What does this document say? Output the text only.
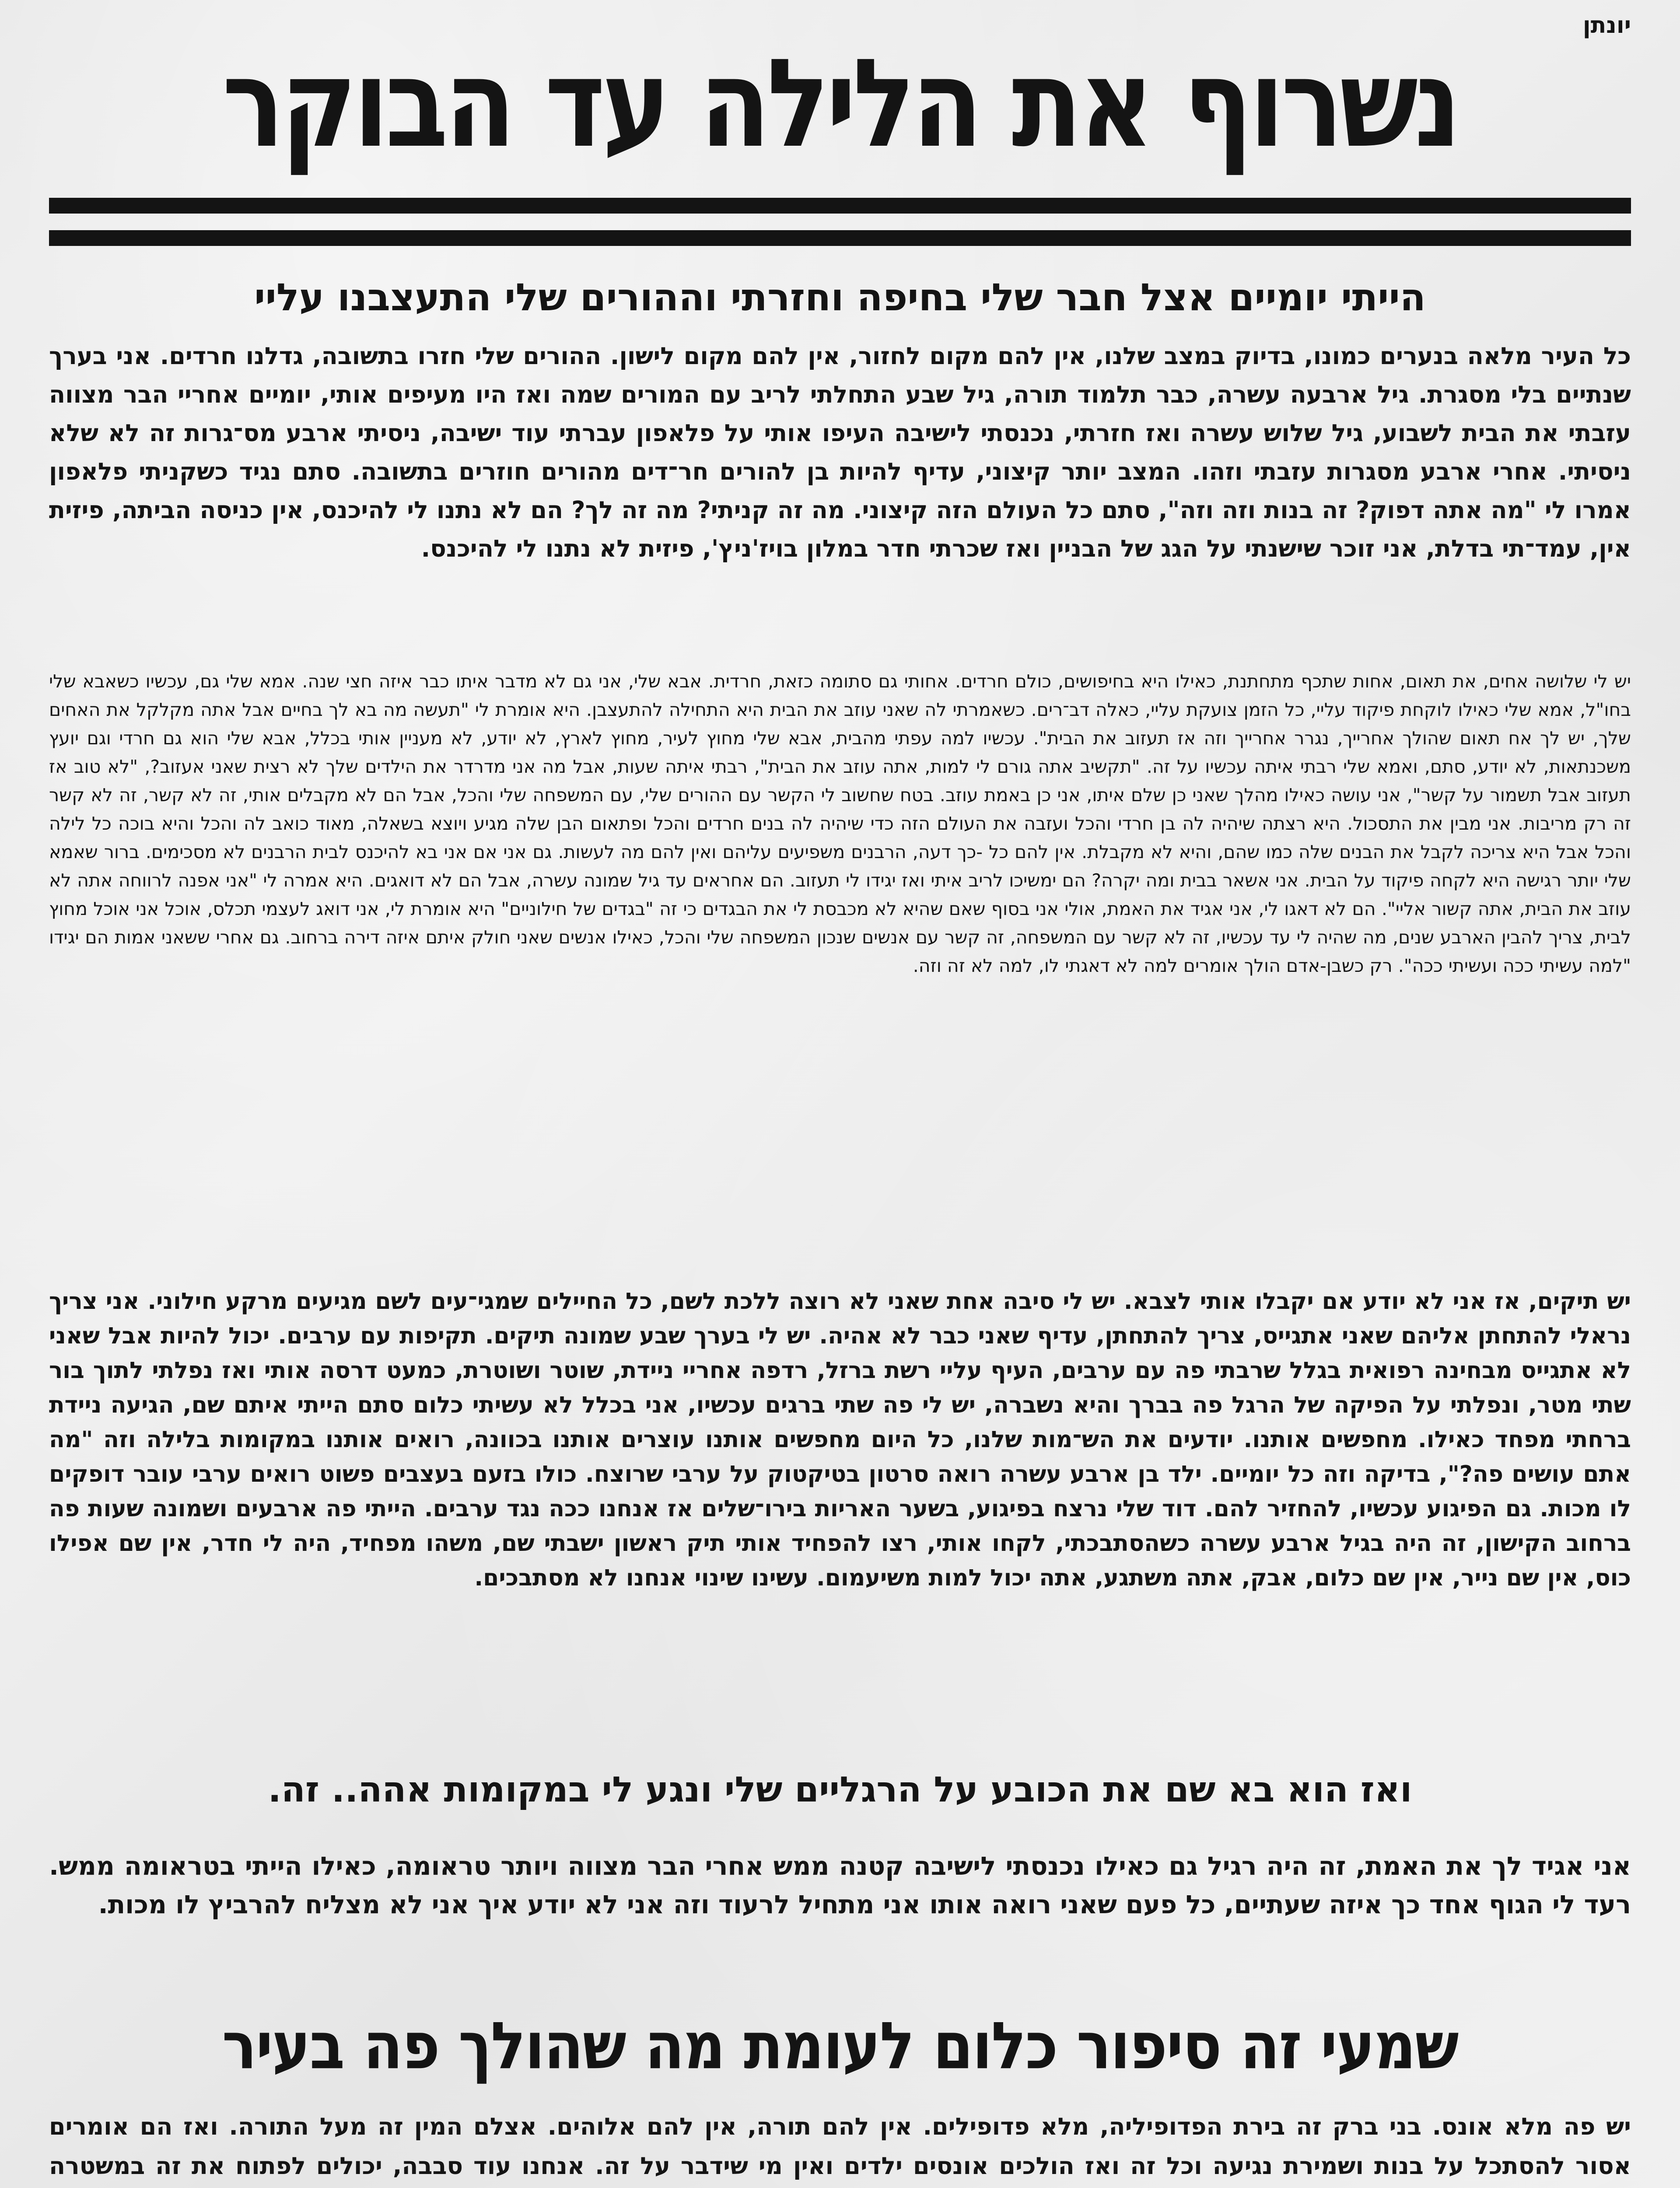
יונתן

נשרוף את הלילה עד הבוקר
הייתי יומיים אצל חבר שלי בחיפה וחזרתי וההורים שלי התעצבנו עליי

כל העיר מלאה בנערים כמונו, בדיוק במצב שלנו, אין להם מקום לחזור, אין להם מקום לישון. ההורים שלי חזרו בתשובה, גדלנו חרדים. אני בערך שנתיים בלי מסגרת. גיל ארבעה עשרה, כבר תלמוד תורה, גיל שבע התחלתי לריב עם המורים שמה ואז היו מעיפים אותי, יומיים אחריי הבר מצווה עזבתי את הבית לשבוע, גיל שלוש עשרה ואז חזרתי, נכנסתי לישיבה העיפו אותי על פלאפון עברתי עוד ישיבה, ניסיתי ארבע מס־גרות זה לא שלא ניסיתי. אחרי ארבע מסגרות עזבתי וזהו. המצב יותר קיצוני, עדיף להיות בן להורים חר־דים מהורים חוזרים בתשובה. סתם נגיד כשקניתי פלאפון אמרו לי "מה אתה דפוק? זה בנות וזה וזה", סתם כל העולם הזה קיצוני. מה זה קניתי? מה זה לך? הם לא נתנו לי להיכנס, אין כניסה הביתה, פיזית אין, עמד־תי בדלת, אני זוכר שישנתי על הגג של הבניין ואז שכרתי חדר במלון בויז'ניץ', פיזית לא נתנו לי להיכנס.

יש לי שלושה אחים, את תאום, אחות שתכף מתחתנת, כאילו היא בחיפושים, כולם חרדים. אחותי גם סתומה כזאת, חרדית. אבא שלי, אני גם לא מדבר איתו כבר איזה חצי שנה. אמא שלי גם, עכשיו כשאבא שלי בחו"ל, אמא שלי כאילו לוקחת פיקוד עליי, כל הזמן צועקת עליי, כאלה דב־רים. כשאמרתי לה שאני עוזב את הבית היא התחילה להתעצבן. היא אומרת לי "תעשה מה בא לך בחיים אבל אתה מקלקל את האחים שלך, יש לך אח תאום שהולך אחרייך, נגרר אחרייך וזה אז תעזוב את הבית". עכשיו למה עפתי מהבית, אבא שלי מחוץ לעיר, מחוץ לארץ, לא יודע, לא מעניין אותי בכלל, אבא שלי הוא גם חרדי וגם יועץ משכנתאות, לא יודע, סתם, ואמא שלי רבתי איתה עכשיו על זה. "תקשיב אתה גורם לי למות, אתה עוזב את הבית", רבתי איתה שעות, אבל מה אני מדרדר את הילדים שלך לא רצית שאני אעזוב?, "לא טוב אז תעזוב אבל תשמור על קשר", אני עושה כאילו מהלך שאני כן שלם איתו, אני כן באמת עוזב. בטח שחשוב לי הקשר עם ההורים שלי, עם המשפחה שלי והכל, אבל הם לא מקבלים אותי, זה לא קשר, זה לא קשר זה רק מריבות. אני מבין את התסכול. היא רצתה שיהיה לה בן חרדי והכל ועזבה את העולם הזה כדי שיהיה לה בנים חרדים והכל ופתאום הבן שלה מגיע ויוצא בשאלה, מאוד כואב לה והכל והיא בוכה כל לילה והכל אבל היא צריכה לקבל את הבנים שלה כמו שהם, והיא לא מקבלת. אין להם כל -כך דעה, הרבנים משפיעים עליהם ואין להם מה לעשות. גם אני אם אני בא להיכנס לבית הרבנים לא מסכימים. ברור שאמא שלי יותר רגישה היא לקחה פיקוד על הבית. אני אשאר בבית ומה יקרה? הם ימשיכו לריב איתי ואז יגידו לי תעזוב. הם אחראים עד גיל שמונה עשרה, אבל הם לא דואגים. היא אמרה לי "אני אפנה לרווחה אתה לא עוזב את הבית, אתה קשור אליי". הם לא דאגו לי, אני אגיד את האמת, אולי אני בסוף שאם שהיא לא מכבסת לי את הבגדים כי זה "בגדים של חילוניים" היא אומרת לי, אני דואג לעצמי תכלס, אוכל אני אוכל מחוץ לבית, צריך להבין הארבע שנים, מה שהיה לי עד עכשיו, זה לא קשר עם המשפחה, זה קשר עם אנשים שנכון המשפחה שלי והכל, כאילו אנשים שאני חולק איתם איזה דירה ברחוב. גם אחרי ששאני אמות הם יגידו "למה עשיתי ככה ועשיתי ככה". רק כשבן-אדם הולך אומרים למה לא דאגתי לו, למה לא זה וזה.

יש תיקים, אז אני לא יודע אם יקבלו אותי לצבא. יש לי סיבה אחת שאני לא רוצה ללכת לשם, כל החיילים שמגי־עים לשם מגיעים מרקע חילוני. אני צריך נראלי להתחתן אליהם שאני אתגייס, צריך להתחתן, עדיף שאני כבר לא אהיה. יש לי בערך שבע שמונה תיקים. תקיפות עם ערבים. יכול להיות אבל שאני לא אתגייס מבחינה רפואית בגלל שרבתי פה עם ערבים, העיף עליי רשת ברזל, רדפה אחריי ניידת, שוטר ושוטרת, כמעט דרסה אותי ואז נפלתי לתוך בור שתי מטר, ונפלתי על הפיקה של הרגל פה בברך והיא נשברה, יש לי פה שתי ברגים עכשיו, אני בכלל לא עשיתי כלום סתם הייתי איתם שם, הגיעה ניידת ברחתי מפחד כאילו. מחפשים אותנו. יודעים את הש־מות שלנו, כל היום מחפשים אותנו עוצרים אותנו בכוונה, רואים אותנו במקומות בלילה וזה "מה אתם עושים פה?", בדיקה וזה כל יומיים. ילד בן ארבע עשרה רואה סרטון בטיקטוק על ערבי שרוצח. כולו בזעם בעצבים פשוט רואים ערבי עובר דופקים לו מכות. גם הפיגוע עכשיו, להחזיר להם. דוד שלי נרצח בפיגוע, בשער האריות בירו־שלים אז אנחנו ככה נגד ערבים. הייתי פה ארבעים ושמונה שעות פה ברחוב הקישון, זה היה בגיל ארבע עשרה כשהסתבכתי, לקחו אותי, רצו להפחיד אותי תיק ראשון ישבתי שם, משהו מפחיד, היה לי חדר, אין שם אפילו כוס, אין שם נייר, אין שם כלום, אבק, אתה משתגע, אתה יכול למות משיעמום. עשינו שינוי אנחנו לא מסתבכים.

ואז הוא בא שם את הכובע על הרגליים שלי ונגע לי במקומות אהה.. זה.

אני אגיד לך את האמת, זה היה רגיל גם כאילו נכנסתי לישיבה קטנה ממש אחרי הבר מצווה ויותר טראומה, כאילו הייתי בטראומה ממש. רעד לי הגוף אחד כך איזה שעתיים, כל פעם שאני רואה אותו אני מתחיל לרעוד וזה אני לא יודע איך אני לא מצליח להרביץ לו מכות.

שמעי זה סיפור כלום לעומת מה שהולך פה בעיר

יש פה מלא אונס. בני ברק זה בירת הפדופיליה, מלא פדופילים. אין להם תורה, אין להם אלוהים. אצלם המין זה מעל התורה. ואז הם אומרים אסור להסתכל על בנות ושמירת נגיעה וכל זה ואז הולכים אונסים ילדים ואין מי שידבר על זה. אנחנו עוד סבבה, יכולים לפתוח את זה במשטרה
